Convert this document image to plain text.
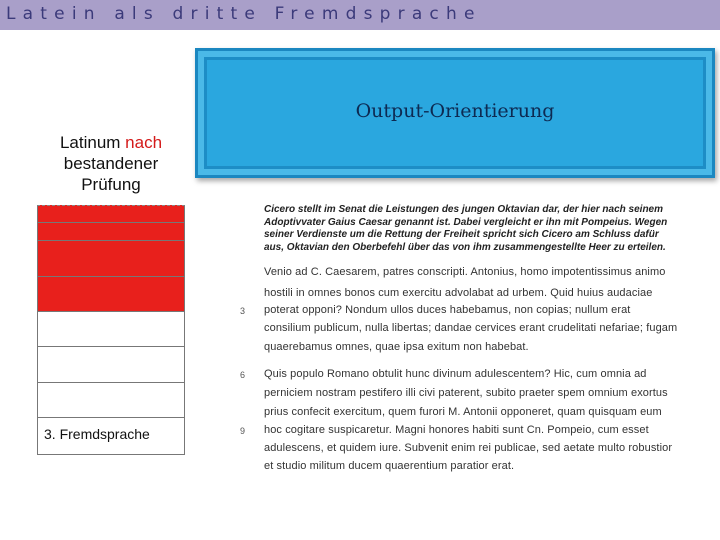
Latein als dritte Fremdsprache
Output-Orientierung
Latinum nach
bestandener Prüfung
3. Fremdsprache
Cicero stellt im Senat die Leistungen des jungen Oktavian dar, der hier nach seinem Adoptivvater Gaius Caesar genannt ist. Dabei vergleicht er ihn mit Pompeius. Wegen seiner Verdienste um die Rettung der Freiheit spricht sich Cicero am Schluss dafür aus, Oktavian den Oberbefehl über das von ihm zusammengestellte Heer zu erteilen.
Venio ad C. Caesarem, patres conscripti. Antonius, homo impotentissimus animo
hostili in omnes bonos cum exercitu advolabat ad urbem. Quid huius audaciae
3 poterat opponi? Nondum ullos duces habebamus, non copias; nullum erat
consilium publicum, nulla libertas; dandae cervices erant crudelitati nefariae; fugam
quaerebamus omnes, quae ipsa exitum non habebat.
6 Quis populo Romano obtulit hunc divinum adulescentem? Hic, cum omnia ad
perniciem nostram pestifero illi civi paterent, subito praeter spem omnium exortus
prius confecit exercitum, quem furori M. Antonii opponeret, quam quisquam eum
9 hoc cogitare suspicaretur. Magni honores habiti sunt Cn. Pompeio, cum esset
adulescens, et quidem iure. Subvenit enim rei publicae, sed aetate multo robustior
et studio militum ducem quaerentium paratior erat.
